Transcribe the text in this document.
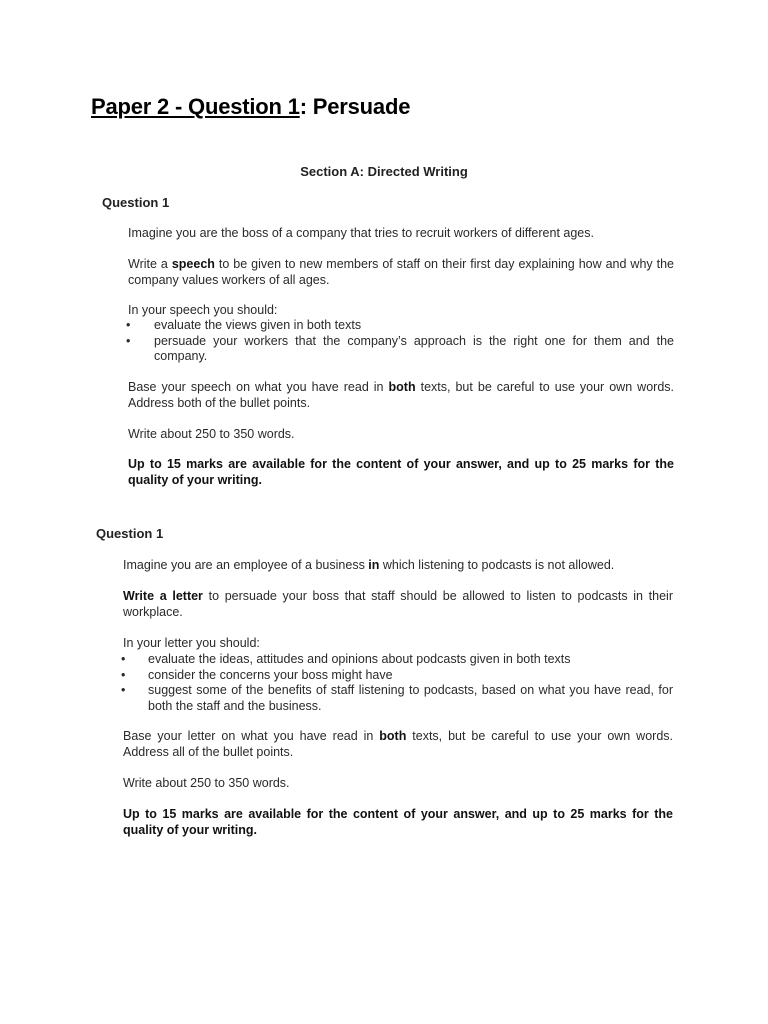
Paper 2 - Question 1: Persuade
Section A: Directed Writing
Question 1

Imagine you are the boss of a company that tries to recruit workers of different ages.

Write a speech to be given to new members of staff on their first day explaining how and why the company values workers of all ages.

In your speech you should:

• evaluate the views given in both texts
• persuade your workers that the company’s approach is the right one for them and the company.

Base your speech on what you have read in both texts, but be careful to use your own words. Address both of the bullet points.

Write about 250 to 350 words.

Up to 15 marks are available for the content of your answer, and up to 25 marks for the quality of your writing.

Question 1

Imagine you are an employee of a business in which listening to podcasts is not allowed.

Write a letter to persuade your boss that staff should be allowed to listen to podcasts in their workplace.

In your letter you should:

• evaluate the ideas, attitudes and opinions about podcasts given in both texts
• consider the concerns your boss might have
• suggest some of the benefits of staff listening to podcasts, based on what you have read, for both the staff and the business.

Base your letter on what you have read in both texts, but be careful to use your own words. Address all of the bullet points.

Write about 250 to 350 words.

Up to 15 marks are available for the content of your answer, and up to 25 marks for the quality of your writing.
